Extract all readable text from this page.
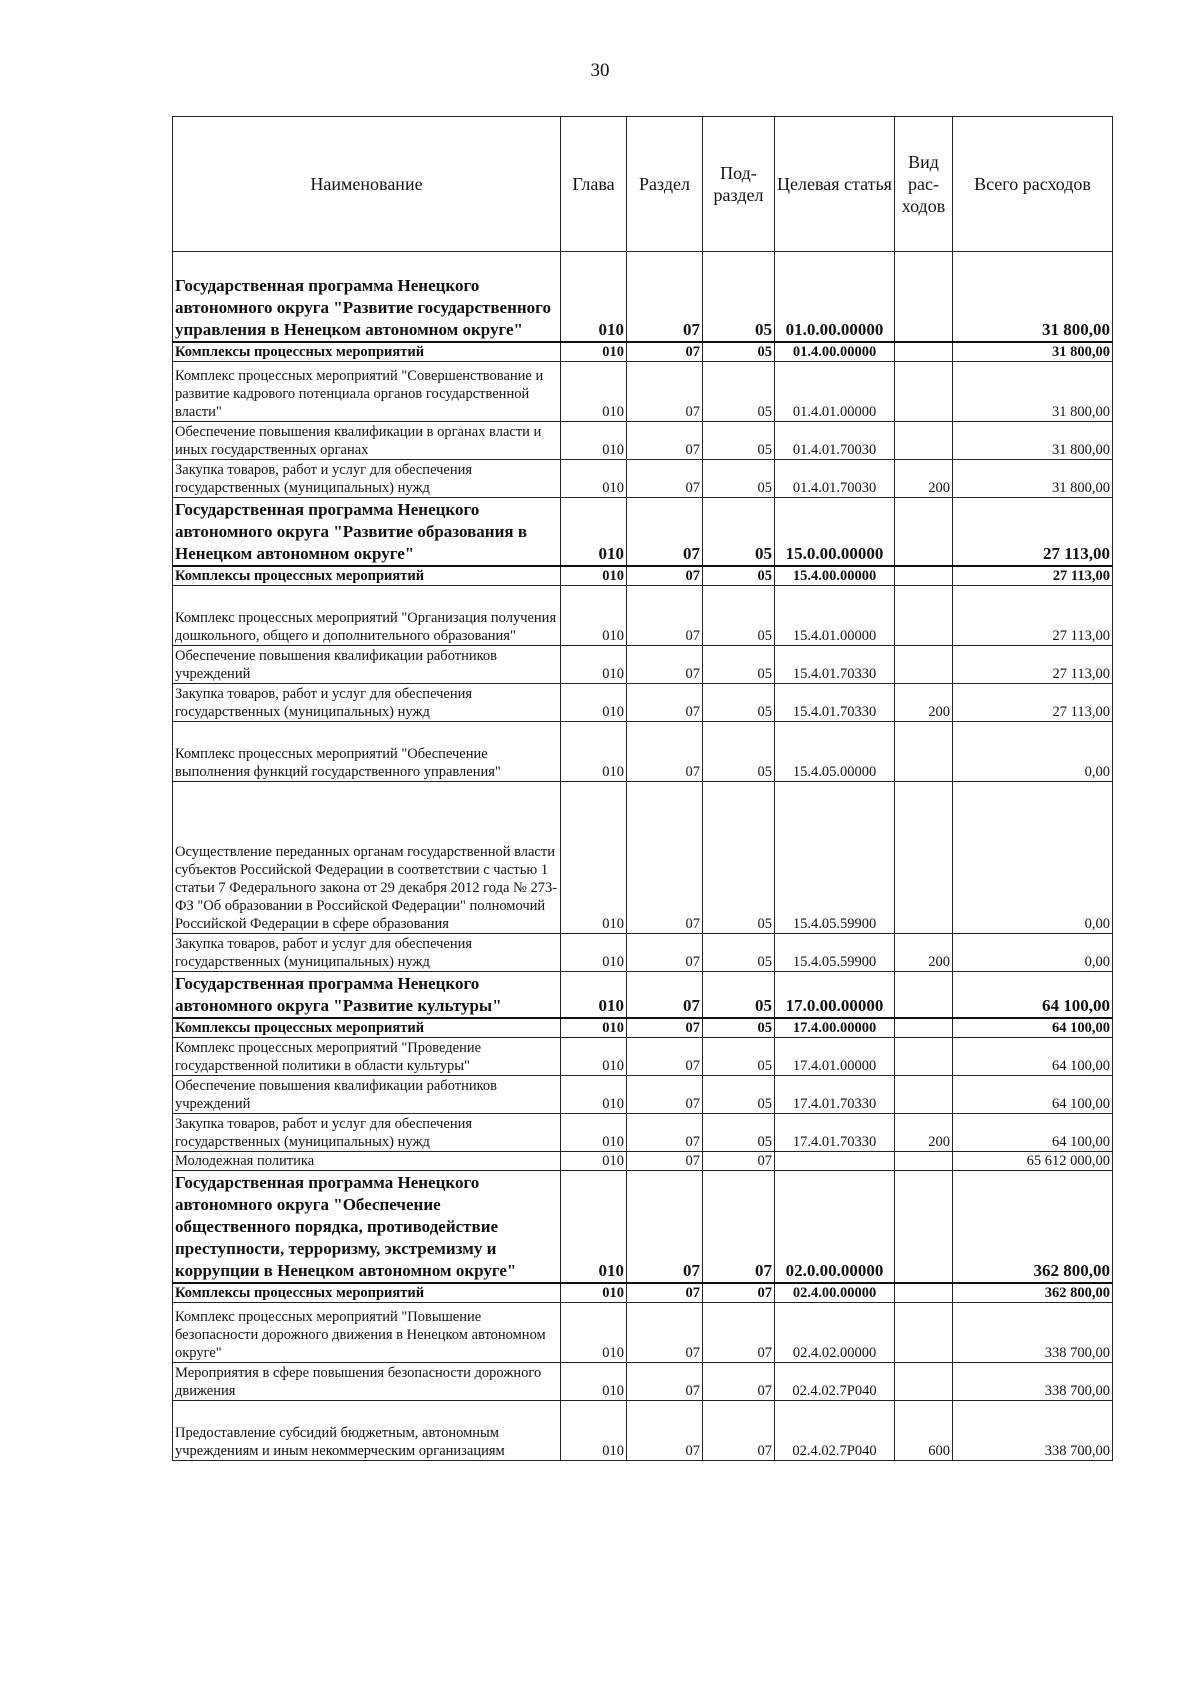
30
Наименование	Глава	Раздел	Под-раздел	Целевая статья	Вид рас-ходов	Всего расходов
Государственная программа Ненецкого автономного округа "Развитие государственного управления в Ненецком автономном округе"	010	07	05	01.0.00.00000		31 800,00
Комплексы процессных мероприятий	010	07	05	01.4.00.00000		31 800,00
Комплекс процессных мероприятий "Совершенствование и развитие кадрового потенциала органов государственной власти"	010	07	05	01.4.01.00000		31 800,00
Обеспечение повышения квалификации в органах власти и иных государственных органах	010	07	05	01.4.01.70030		31 800,00
Закупка товаров, работ и услуг для обеспечения государственных (муниципальных) нужд	010	07	05	01.4.01.70030	200	31 800,00
Государственная программа Ненецкого автономного округа "Развитие образования в Ненецком автономном округе"	010	07	05	15.0.00.00000		27 113,00
Комплексы процессных мероприятий	010	07	05	15.4.00.00000		27 113,00
Комплекс процессных мероприятий "Организация получения дошкольного, общего и дополнительного образования"	010	07	05	15.4.01.00000		27 113,00
Обеспечение повышения квалификации работников учреждений	010	07	05	15.4.01.70330		27 113,00
Закупка товаров, работ и услуг для обеспечения государственных (муниципальных) нужд	010	07	05	15.4.01.70330	200	27 113,00
Комплекс процессных мероприятий "Обеспечение выполнения функций государственного управления"	010	07	05	15.4.05.00000		0,00
Осуществление переданных органам государственной власти субъектов Российской Федерации в соответствии с частью 1 статьи 7 Федерального закона от 29 декабря 2012 года № 273-ФЗ "Об образовании в Российской Федерации" полномочий Российской Федерации в сфере образования	010	07	05	15.4.05.59900		0,00
Закупка товаров, работ и услуг для обеспечения государственных (муниципальных) нужд	010	07	05	15.4.05.59900	200	0,00
Государственная программа Ненецкого автономного округа "Развитие культуры"	010	07	05	17.0.00.00000		64 100,00
Комплексы процессных мероприятий	010	07	05	17.4.00.00000		64 100,00
Комплекс процессных мероприятий "Проведение государственной политики в области культуры"	010	07	05	17.4.01.00000		64 100,00
Обеспечение повышения квалификации работников учреждений	010	07	05	17.4.01.70330		64 100,00
Закупка товаров, работ и услуг для обеспечения государственных (муниципальных) нужд	010	07	05	17.4.01.70330	200	64 100,00
Молодежная политика	010	07	07			65 612 000,00
Государственная программа Ненецкого автономного округа "Обеспечение общественного порядка, противодействие преступности, терроризму, экстремизму и коррупции в Ненецком автономном округе"	010	07	07	02.0.00.00000		362 800,00
Комплексы процессных мероприятий	010	07	07	02.4.00.00000		362 800,00
Комплекс процессных мероприятий "Повышение безопасности дорожного движения в Ненецком автономном округе"	010	07	07	02.4.02.00000		338 700,00
Мероприятия в сфере повышения безопасности дорожного движения	010	07	07	02.4.02.7Р040		338 700,00
Предоставление субсидий бюджетным, автономным учреждениям и иным некоммерческим организациям	010	07	07	02.4.02.7Р040	600	338 700,00
